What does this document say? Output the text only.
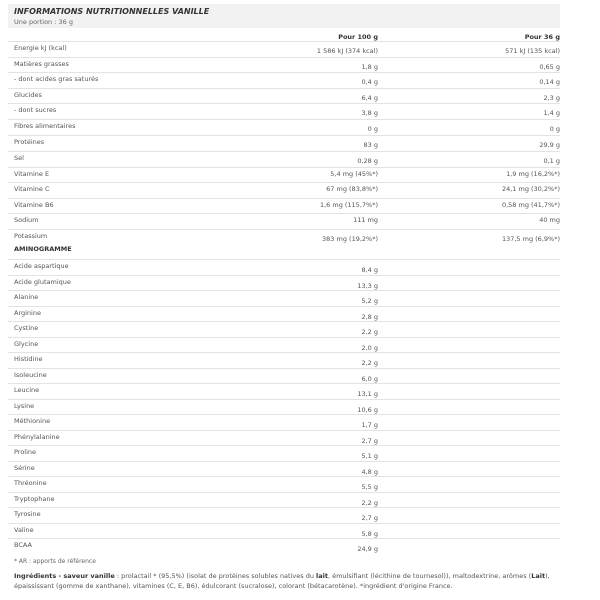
INFORMATIONS NUTRITIONNELLES VANILLE
Une portion : 36 g
Pour 100 g	Pour 36 g
Energie kJ (kcal)	1 586 kJ (374 kcal)	571 kJ (135 kcal)
Matières grasses	1,8 g	0,65 g
- dont acides gras saturés	0,4 g	0,14 g
Glucides	6,4 g	2,3 g
- dont sucres	3,8 g	1,4 g
Fibres alimentaires	0 g	0 g
Protéines	83 g	29,9 g
Sel	0,28 g	0,1 g
Vitamine E	5,4 mg (45%*)	1,9 mg (16,2%*)
Vitamine C	67 mg (83,8%*)	24,1 mg (30,2%*)
Vitamine B6	1,6 mg (115,7%*)	0,58 mg (41,7%*)
Sodium	111 mg	40 mg
Potassium	383 mg (19,2%*)	137,5 mg (6,9%*)
AMINOGRAMME
Acide aspartique	8,4 g
Acide glutamique	13,3 g
Alanine	5,2 g
Arginine	2,8 g
Cystine	2,2 g
Glycine	2,0 g
Histidine	2,2 g
Isoleucine	6,0 g
Leucine	13,1 g
Lysine	10,6 g
Méthionine	1,7 g
Phénylalanine	2,7 g
Proline	5,1 g
Sérine	4,8 g
Thréonine	5,5 g
Tryptophane	2,2 g
Tyrosine	2,7 g
Valine	5,8 g
BCAA	24,9 g
* AR : apports de référence
Ingrédients - saveur vanille : prolactail * (95,5%) (isolat de protéines solubles natives du lait, émulsifiant (lécithine de tournesol)), maltodextrine, arômes (Lait), épaississant (gomme de xanthane), vitamines (C, E, B6), édulcorant (sucralose), colorant (bétacarotène). *ingrédient d'origine France.
